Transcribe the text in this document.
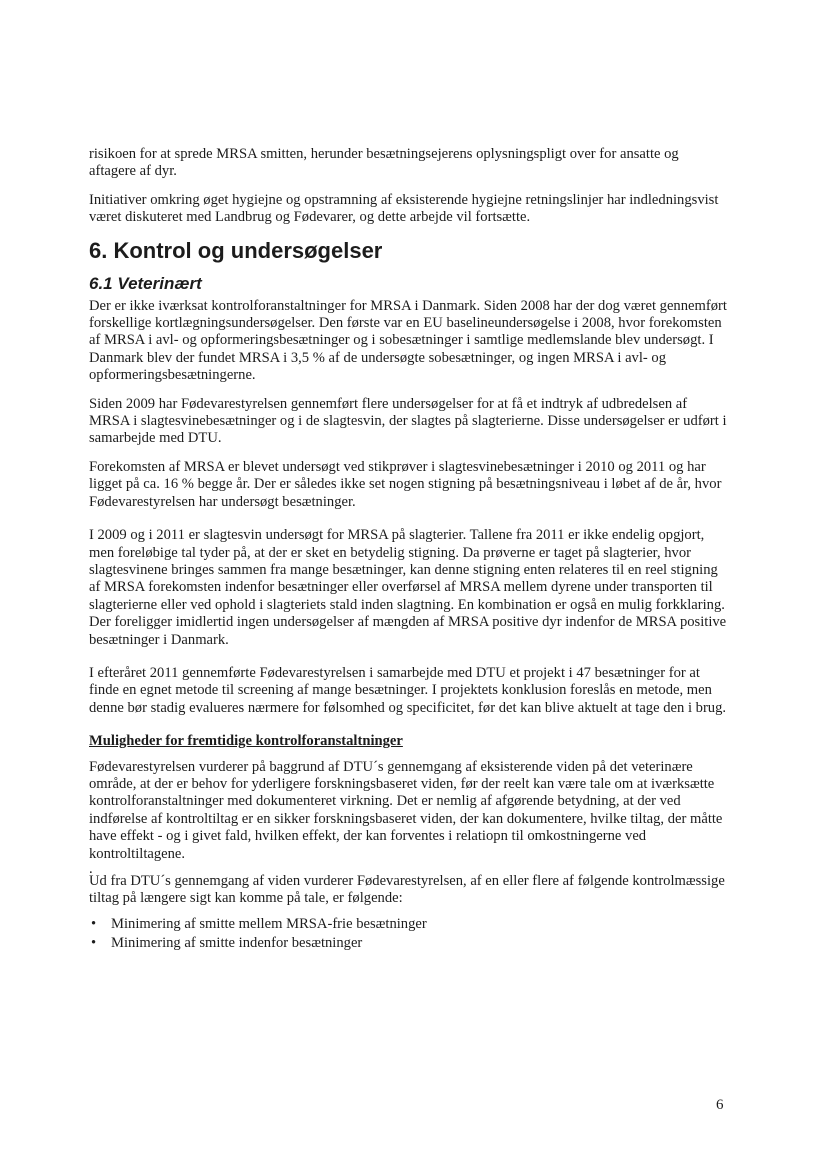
risikoen for at sprede MRSA smitten, herunder besætningsejerens oplysningspligt over for ansatte og aftagere af dyr.

Initiativer omkring øget hygiejne og opstramning af eksisterende hygiejne retningslinjer har indledningsvist været diskuteret med Landbrug og Fødevarer, og dette arbejde vil fortsætte.

6. Kontrol og undersøgelser
6.1 Veterinært

Der er ikke iværksat kontrolforanstaltninger for MRSA i Danmark. Siden 2008 har der dog været gennemført forskellige kortlægningsundersøgelser. Den første var en EU baselineundersøgelse i 2008, hvor forekomsten af MRSA i avl- og opformeringsbesætninger og i sobesætninger i samtlige medlemslande blev undersøgt. I Danmark blev der fundet MRSA i 3,5 % af de undersøgte sobesætninger, og ingen MRSA i avl- og opformeringsbesætningerne.

Siden 2009 har Fødevarestyrelsen gennemført flere undersøgelser for at få et indtryk af udbredelsen af MRSA i slagtesvinebesætninger og i de slagtesvin, der slagtes på slagterierne. Disse undersøgelser er udført i samarbejde med DTU.

Forekomsten af MRSA er blevet undersøgt ved stikprøver i slagtesvinebesætninger i 2010 og 2011 og har ligget på ca. 16 % begge år. Der er således ikke set nogen stigning på besætningsniveau i løbet af de år, hvor Fødevarestyrelsen har undersøgt besætninger.

I 2009 og i 2011 er slagtesvin undersøgt for MRSA på slagterier. Tallene fra 2011 er ikke endelig opgjort, men foreløbige tal tyder på, at der er sket en betydelig stigning. Da prøverne er taget på slagterier, hvor slagtesvinene bringes sammen fra mange besætninger, kan denne stigning enten relateres til en reel stigning af MRSA forekomsten indenfor besætninger eller overførsel af MRSA mellem dyrene under transporten til slagterierne eller ved ophold i slagteriets stald inden slagtning. En kombination er også en mulig forkklaring. Der foreligger imidlertid ingen undersøgelser af mængden af MRSA positive dyr indenfor de MRSA positive besætninger i Danmark.

I efteråret 2011 gennemførte Fødevarestyrelsen i samarbejde med DTU et projekt i 47 besætninger for at finde en egnet metode til screening af mange besætninger. I projektets konklusion foreslås en metode, men denne bør stadig evalueres nærmere for følsomhed og specificitet, før det kan blive aktuelt at tage den i brug.

Muligheder for fremtidige kontrolforanstaltninger

Fødevarestyrelsen vurderer på baggrund af DTU´s gennemgang af eksisterende viden på det veterinære område, at der er behov for yderligere forskningsbaseret viden, før der reelt kan være tale om at iværksætte kontrolforanstaltninger med dokumenteret virkning. Det er nemlig af afgørende betydning, at der ved indførelse af kontroltiltag er en sikker forskningsbaseret viden, der kan dokumentere, hvilke tiltag, der måtte have effekt - og i givet fald, hvilken effekt, der kan forventes i relatiopn til omkostningerne ved kontroltiltagene.

.

Ud fra DTU´s gennemgang af viden vurderer Fødevarestyrelsen, af en eller flere af følgende kontrolmæssige tiltag på længere sigt kan komme på tale, er følgende:

• Minimering af smitte mellem MRSA-frie besætninger
• Minimering af smitte indenfor besætninger
6
